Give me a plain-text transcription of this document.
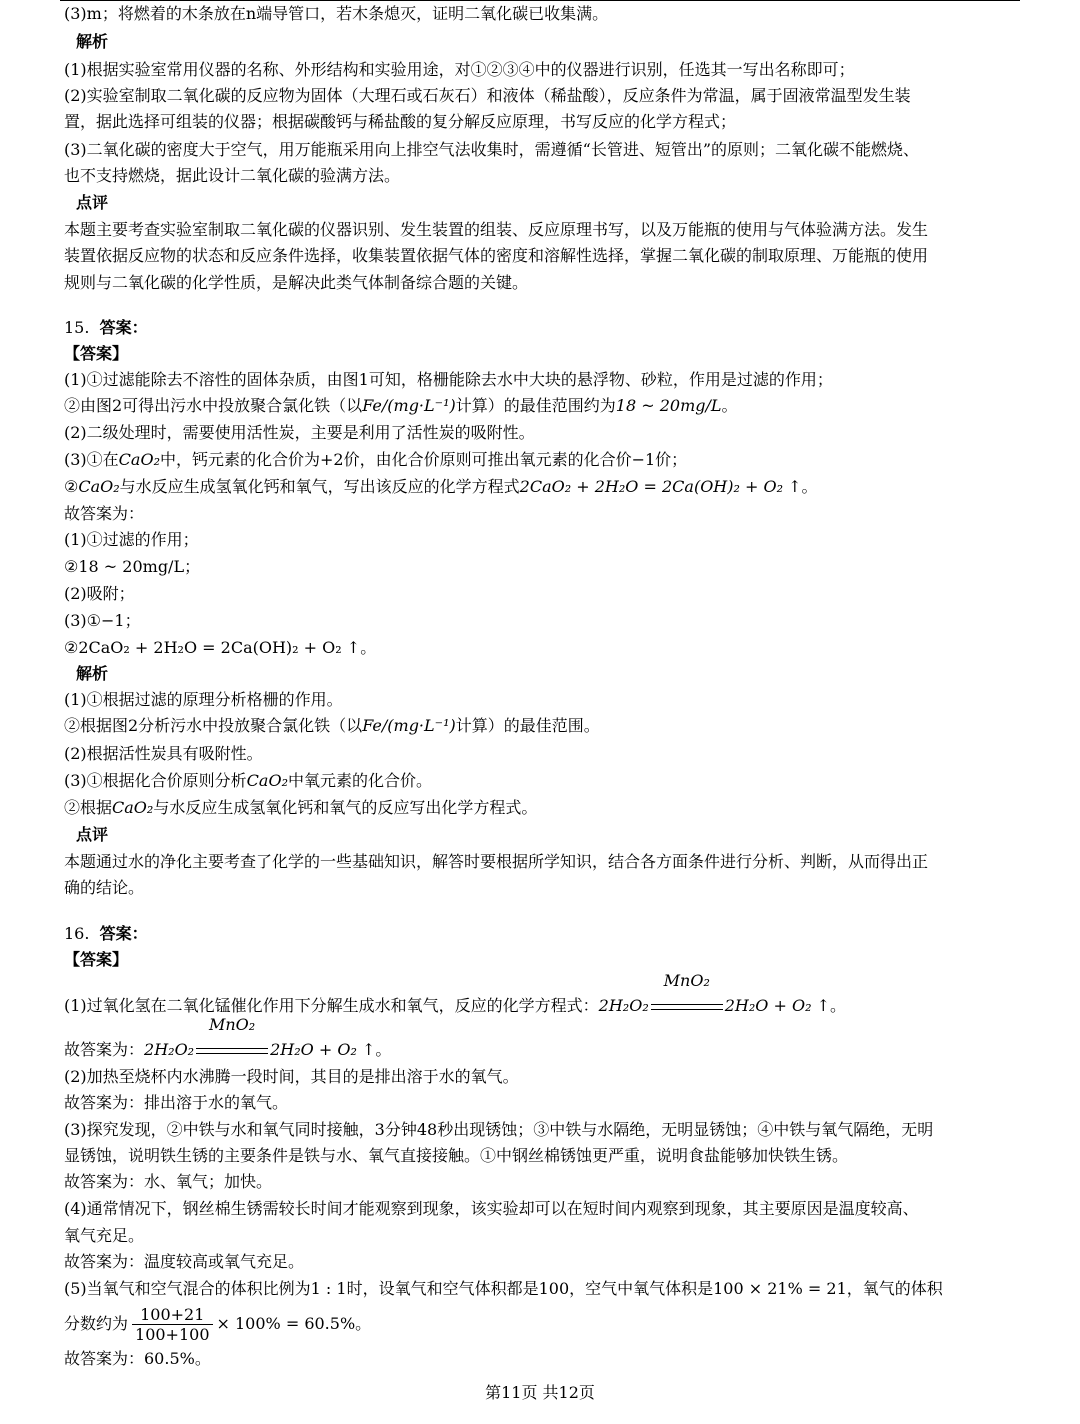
(3)m；将燃着的木条放在n端导管口，若木条熄灭，证明二氧化碳已收集满。
解析
(1)根据实验室常用仪器的名称、外形结构和实验用途，对①②③④中的仪器进行识别，任选其一写出名称即可；
(2)实验室制取二氧化碳的反应物为固体（大理石或石灰石）和液体（稀盐酸），反应条件为常温，属于固液常温型发生装
置，据此选择可组装的仪器；根据碳酸钙与稀盐酸的复分解反应原理，书写反应的化学方程式；
(3)二氧化碳的密度大于空气，用万能瓶采用向上排空气法收集时，需遵循“长管进、短管出”的原则；二氧化碳不能燃烧、
也不支持燃烧，据此设计二氧化碳的验满方法。
点评
本题主要考查实验室制取二氧化碳的仪器识别、发生装置的组装、反应原理书写，以及万能瓶的使用与气体验满方法。发生
装置依据反应物的状态和反应条件选择，收集装置依据气体的密度和溶解性选择，掌握二氧化碳的制取原理、万能瓶的使用
规则与二氧化碳的化学性质，是解决此类气体制备综合题的关键。
15. 答案：
【答案】
(1)①过滤能除去不溶性的固体杂质，由图1可知，格栅能除去水中大块的悬浮物、砂粒，作用是过滤的作用；
②由图2可得出污水中投放聚合氯化铁（以Fe/(mg·L⁻¹)计算）的最佳范围约为18 ~ 20mg/L。
(2)二级处理时，需要使用活性炭，主要是利用了活性炭的吸附性。
(3)①在CaO₂中，钙元素的化合价为+2价，由化合价原则可推出氧元素的化合价−1价；
②CaO₂与水反应生成氢氧化钙和氧气，写出该反应的化学方程式2CaO₂ + 2H₂O = 2Ca(OH)₂ + O₂ ↑。
故答案为：
(1)①过滤的作用；
②18 ~ 20mg/L；
(2)吸附；
(3)①−1；
②2CaO₂ + 2H₂O = 2Ca(OH)₂ + O₂ ↑。
解析
(1)①根据过滤的原理分析格栅的作用。
②根据图2分析污水中投放聚合氯化铁（以Fe/(mg·L⁻¹)计算）的最佳范围。
(2)根据活性炭具有吸附性。
(3)①根据化合价原则分析CaO₂中氧元素的化合价。
②根据CaO₂与水反应生成氢氧化钙和氧气的反应写出化学方程式。
点评
本题通过水的净化主要考查了化学的一些基础知识，解答时要根据所学知识，结合各方面条件进行分析、判断，从而得出正
确的结论。
16. 答案：
【答案】
(1)过氧化氢在二氧化锰催化作用下分解生成水和氧气，反应的化学方程式：2H₂O₂
MnO₂
2H₂O + O₂ ↑。
故答案为：2H₂O₂
MnO₂
2H₂O + O₂ ↑。
(2)加热至烧杯内水沸腾一段时间，其目的是排出溶于水的氧气。
故答案为：排出溶于水的氧气。
(3)探究发现，②中铁与水和氧气同时接触，3分钟48秒出现锈蚀；③中铁与水隔绝，无明显锈蚀；④中铁与氧气隔绝，无明
显锈蚀，说明铁生锈的主要条件是铁与水、氧气直接接触。①中钢丝棉锈蚀更严重，说明食盐能够加快铁生锈。
故答案为：水、氧气；加快。
(4)通常情况下，钢丝棉生锈需较长时间才能观察到现象，该实验却可以在短时间内观察到现象，其主要原因是温度较高、
氧气充足。
故答案为：温度较高或氧气充足。
(5)当氧气和空气混合的体积比例为1 : 1时，设氧气和空气体积都是100，空气中氧气体积是100 × 21% = 21，氧气的体积
分数约为 $\frac{100+21}{100+100} \times 100\% = 60.5\%$。
故答案为：60.5%。
第11页 共12页
